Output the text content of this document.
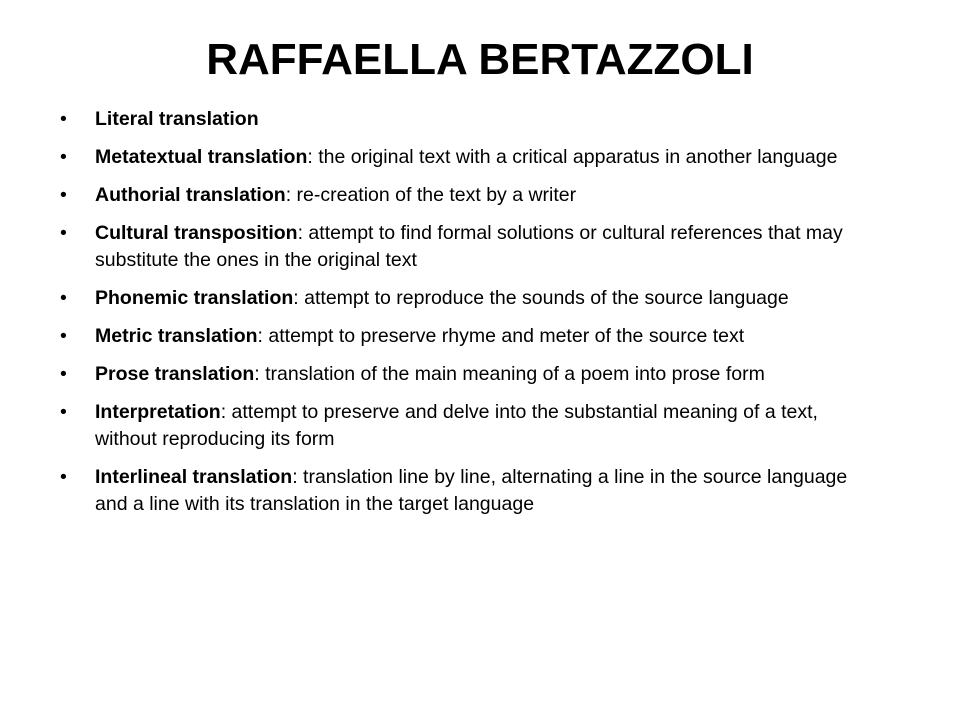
RAFFAELLA BERTAZZOLI
•	Literal translation
•	Metatextual translation: the original text with a critical apparatus in another language
•	Authorial translation: re-creation of the text by a writer
•	Cultural transposition: attempt to find formal solutions or cultural references that may substitute the ones in the original text
•	Phonemic translation: attempt to reproduce the sounds of the source language
•	Metric translation: attempt to preserve rhyme and meter of the source text
•	Prose translation: translation of the main meaning of a poem into prose form
•	Interpretation: attempt to preserve and delve into the substantial meaning of a text, without reproducing its form
•	Interlineal translation: translation line by line, alternating a line in the source language and a line with its translation in the target language
